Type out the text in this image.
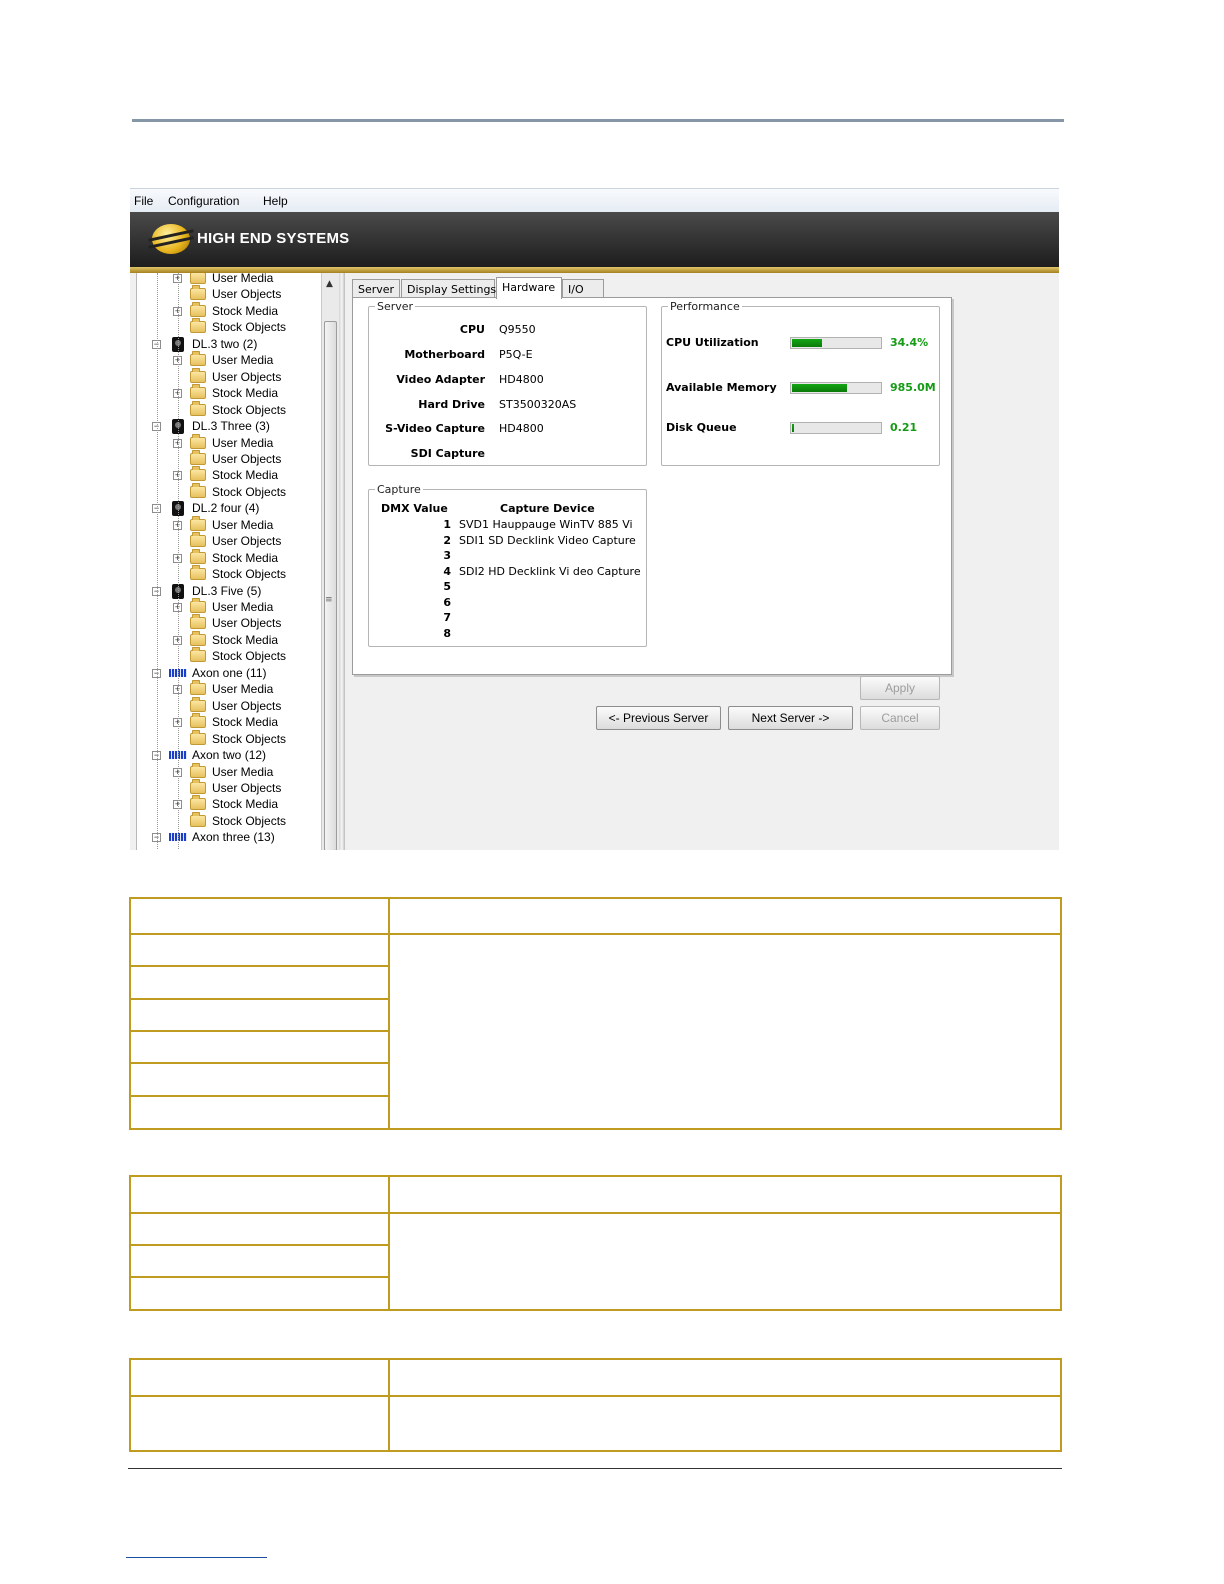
File Configuration Help
HIGH END SYSTEMS
+	User Media
User Objects
+	Stock Media
Stock Objects
−	DL.3 two (2)
+	User Media
User Objects
+	Stock Media
Stock Objects
−	DL.3 Three (3)
+	User Media
User Objects
+	Stock Media
Stock Objects
−	DL.2 four (4)
+	User Media
User Objects
+	Stock Media
Stock Objects
−	DL.3 Five (5)
+	User Media
User Objects
+	Stock Media
Stock Objects
−	Axon one (11)
+	User Media
User Objects
+	Stock Media
Stock Objects
−	Axon two (12)
+	User Media
User Objects
+	Stock Media
Stock Objects
−	Axon three (13)
▲
≡
Server	Display Settings Hardware	I/O
Server
CPU Q9550
Motherboard P5Q-E
Video Adapter HD4800
Hard Drive ST3500320AS
S-Video Capture HD4800
SDI Capture
Performance
CPU Utilization	34.4%
Available Memory	985.0M
Disk Queue	0.21
Capture
DMX Value	Capture Device
1 SVD1 Hauppauge WinTV 885 Vi
2 SDI1 SD Decklink Video Capture
3
4 SDI2 HD Decklink Vi deo Capture
5
6
7
8
Apply
<- Previous Server	Next Server ->	Cancel
